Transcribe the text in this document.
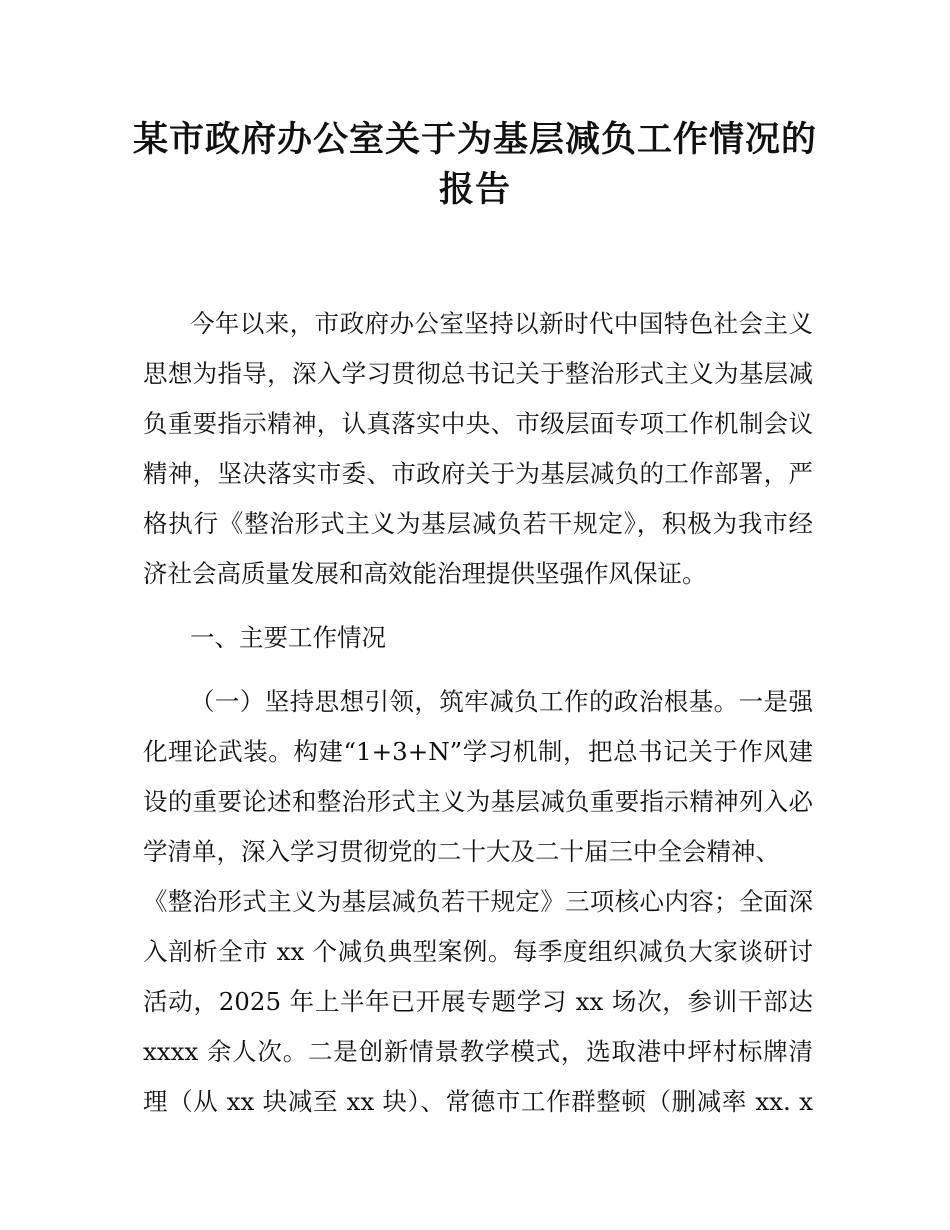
某市政府办公室关于为基层减负工作情况的
报告
今年以来，市政府办公室坚持以新时代中国特色社会主义
思想为指导，深入学习贯彻总书记关于整治形式主义为基层减
负重要指示精神，认真落实中央、市级层面专项工作机制会议
精神，坚决落实市委、市政府关于为基层减负的工作部署，严
格执行《整治形式主义为基层减负若干规定》，积极为我市经
济社会高质量发展和高效能治理提供坚强作风保证。
一、主要工作情况
（一）坚持思想引领，筑牢减负工作的政治根基。一是强
化理论武装。构建“1+3+N”学习机制，把总书记关于作风建
设的重要论述和整治形式主义为基层减负重要指示精神列入必
学清单，深入学习贯彻党的二十大及二十届三中全会精神、
《整治形式主义为基层减负若干规定》三项核心内容；全面深
入剖析全市 xx 个减负典型案例。每季度组织减负大家谈研讨
活动，2025 年上半年已开展专题学习 xx 场次，参训干部达
xxxx 余人次。二是创新情景教学模式，选取港中坪村标牌清
理（从 xx 块减至 xx 块）、常德市工作群整顿（删减率 xx. x
